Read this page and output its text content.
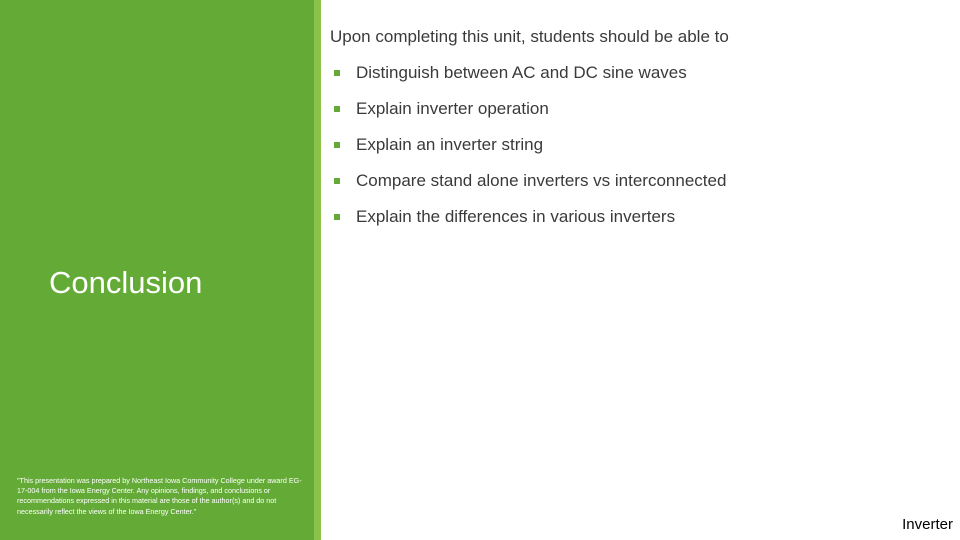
Conclusion

"This presentation was prepared by Northeast Iowa Community College under award EG-17-004 from the Iowa Energy Center. Any opinions, findings, and conclusions or recommendations expressed in this material are those of the author(s) and do not necessarily reflect the views of the Iowa Energy Center."

Upon completing this unit, students should be able to

Distinguish between AC and DC sine waves
Explain inverter operation
Explain an inverter string
Compare stand alone inverters vs interconnected
Explain the differences in various inverters

Inverter
